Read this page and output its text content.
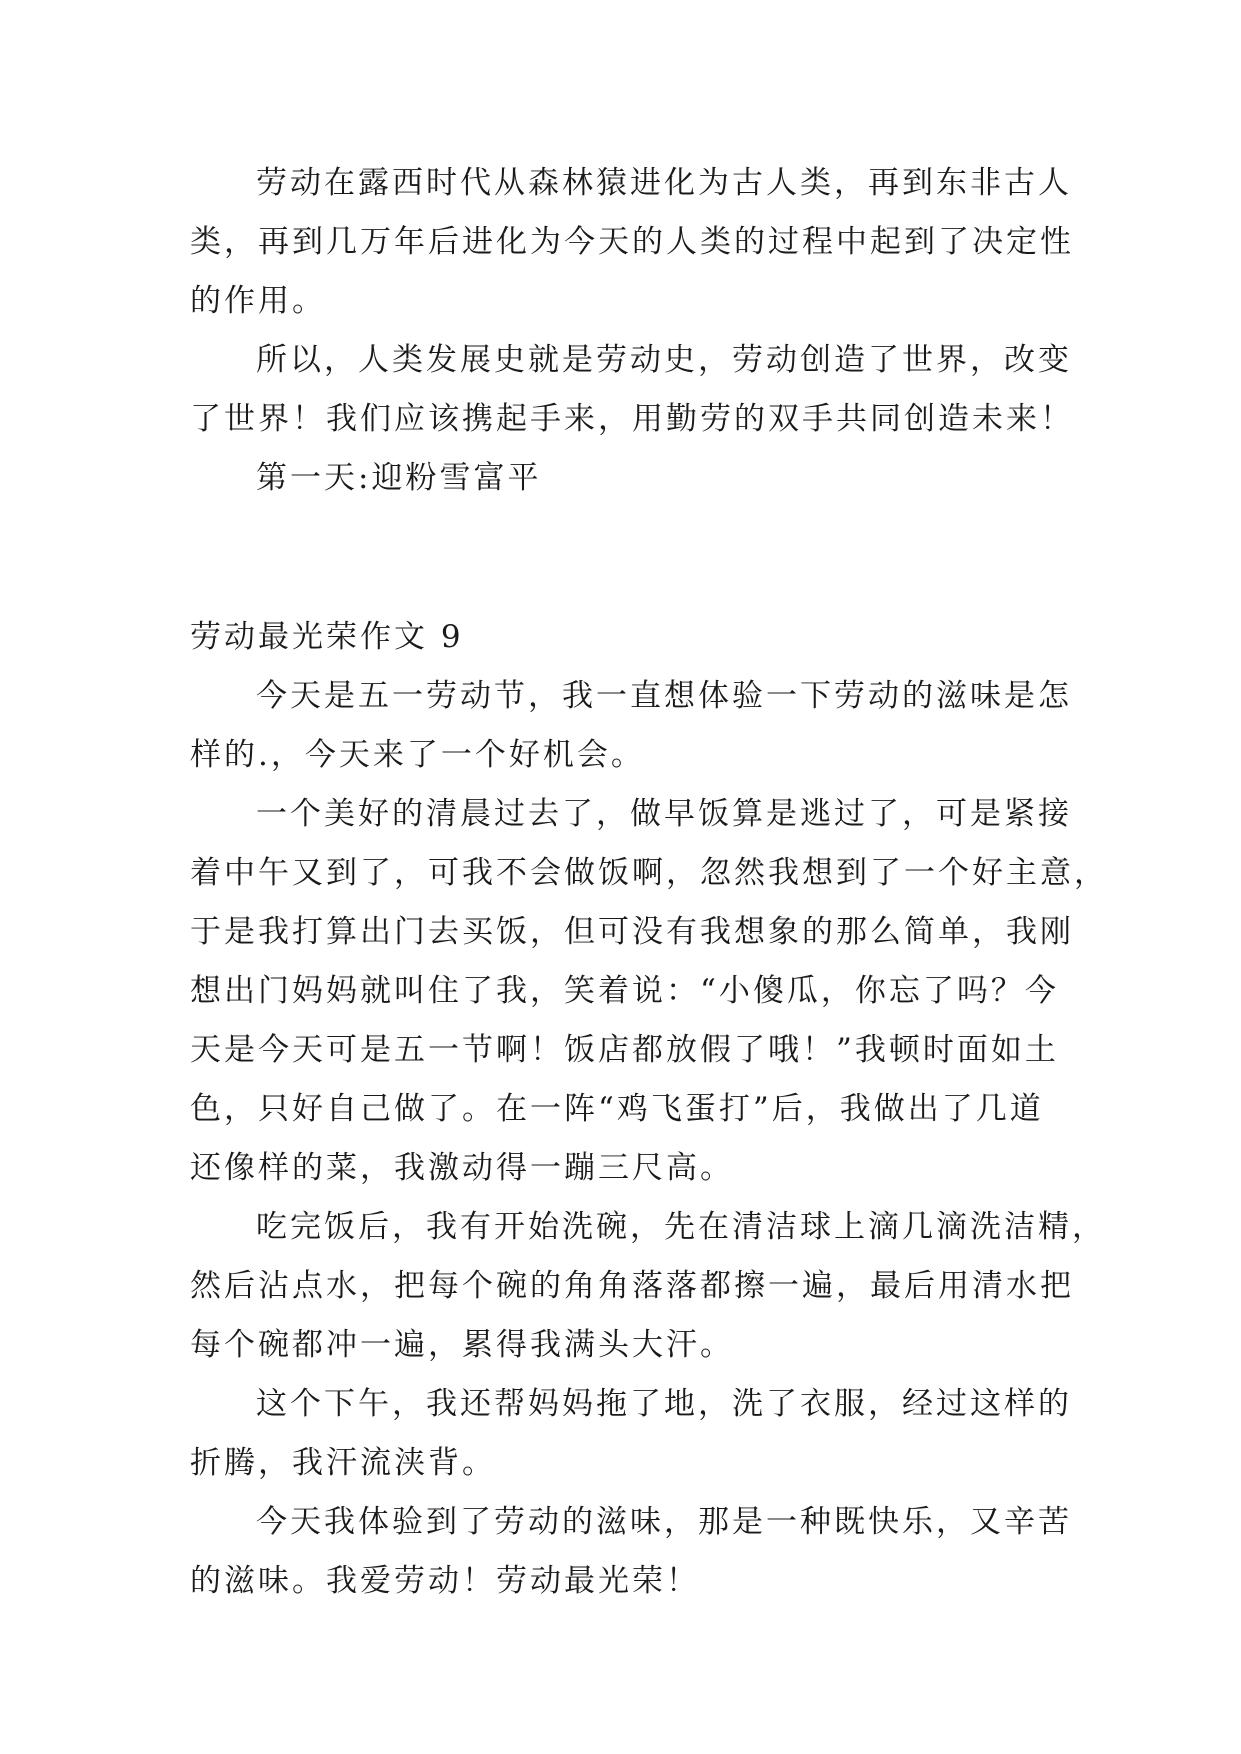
劳动在露西时代从森林猿进化为古人类，再到东非古人
类，再到几万年后进化为今天的人类的过程中起到了决定性
的作用。
所以，人类发展史就是劳动史，劳动创造了世界，改变
了世界！我们应该携起手来，用勤劳的双手共同创造未来！
第一天:迎粉雪富平
劳动最光荣作文 9
今天是五一劳动节，我一直想体验一下劳动的滋味是怎
样的.，今天来了一个好机会。
一个美好的清晨过去了，做早饭算是逃过了，可是紧接
着中午又到了，可我不会做饭啊，忽然我想到了一个好主意，
于是我打算出门去买饭，但可没有我想象的那么简单，我刚
想出门妈妈就叫住了我，笑着说：“小傻瓜，你忘了吗？今
天是今天可是五一节啊！饭店都放假了哦！”我顿时面如土
色，只好自己做了。在一阵“鸡飞蛋打”后，我做出了几道
还像样的菜，我激动得一蹦三尺高。
吃完饭后，我有开始洗碗，先在清洁球上滴几滴洗洁精，
然后沾点水，把每个碗的角角落落都擦一遍，最后用清水把
每个碗都冲一遍，累得我满头大汗。
这个下午，我还帮妈妈拖了地，洗了衣服，经过这样的
折腾，我汗流浃背。
今天我体验到了劳动的滋味，那是一种既快乐，又辛苦
的滋味。我爱劳动！劳动最光荣！
